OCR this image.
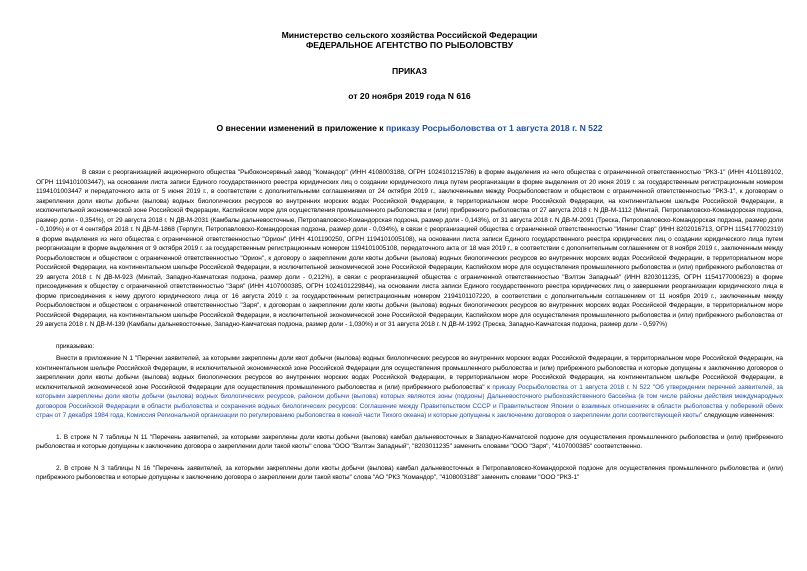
Министерство сельского хозяйства Российской Федерации
ФЕДЕРАЛЬНОЕ АГЕНТСТВО ПО РЫБОЛОВСТВУ
ПРИКАЗ
от 20 ноября 2019 года N 616
О внесении изменений в приложение к приказу Росрыболовства от 1 августа 2018 г. N 522

В связи с реорганизацией акционерного общества "Рыбоконсервный завод "Командор" (ИНН 4108003188, ОГРН 1024101215786) в форме выделения из него общества с ограниченной ответственностью "РКЗ-1" (ИНН 4101189102, ОГРН 1194101003447), на основании листа записи Единого государственного реестра юридических лиц о создании юридического лица путем реорганизации в форме выделения от 20 июня 2019 г. за государственным регистрационным номером 1194101003447 и передаточного акта от 5 июня 2019 г., в соответствии с дополнительными соглашениями от 24 октября 2019 г., заключенными между Росрыболовством и обществом с ограниченной ответственностью "РКЗ-1", к договорам о закреплении доли квоты добычи (вылова) водных биологических ресурсов во внутренних морских водах Российской Федерации, в территориальном море Российской Федерации, на континентальном шельфе Российской Федерации, в исключительной экономической зоне Российской Федерации, Каспийском море для осуществления промышленного рыболовства и (или) прибрежного рыболовства от 27 августа 2018 г. N ДВ-М-1112 (Минтай, Петропавловско-Командорская подзона, размер доли - 0,354%), от 29 августа 2018 г. N ДВ-М-2031 (Камбалы дальневосточные, Петропавловско-Командорская подзона, размер доли - 0,143%), от 31 августа 2018 г. N ДВ-М-2091 (Треска, Петропавловско-Командорская подзона, размер доли - 0,109%) и от 4 сентября 2018 г. N ДВ-М-1868 (Терпуги, Петропавловско-Командорская подзона, размер доли - 0,034%), в связи с реорганизацией общества с ограниченной ответственностью "Ивнинг Стар" (ИНН 8202016713, ОГРН 1154177002319) в форме выделения из него общества с ограниченной ответственностью "Орион" (ИНН 4101190250, ОГРН 1194101005108), на основании листа записи Единого государственного реестра юридических лиц о создании юридического лица путем реорганизации в форме выделения от 9 октября 2019 г. за государственным регистрационным номером 1194101005108, передаточного акта от 18 мая 2019 г., в соответствии с дополнительным соглашением от 8 ноября 2019 г., заключенным между Росрыболовством и обществом с ограниченной ответственностью "Орион", к договору о закреплении доли квоты добычи (вылова) водных биологических ресурсов во внутренних морских водах Российской Федерации, в территориальном море Российской Федерации, на континентальном шельфе Российской Федерации, в исключительной экономической зоне Российской Федерации, Каспийском море для осуществления промышленного рыболовства и (или) прибрежного рыболовства от 29 августа 2018 г. N ДВ-М-923 (Минтай, Западно-Камчатская подзона, размер доли - 0,212%), в связи с реорганизацией общества с ограниченной ответственностью "Вэлтэн Западный" (ИНН 8203011235, ОГРН 1154177000623) в форме присоединения к обществу с ограниченной ответственностью "Заря" (ИНН 4107000385, ОГРН 1024101229844), на основании листа записи Единого государственного реестра юридических лиц о завершении реорганизации юридического лица в форме присоединения к нему другого юридического лица от 16 августа 2019 г. за государственным регистрационным номером 2194101107220, в соответствии с дополнительным соглашением от 11 ноября 2019 г., заключенным между Росрыболовством и обществом с ограниченной ответственностью "Заря", к договорам о закреплении доли квоты добычи (вылова) водных биологических ресурсов во внутренних морских водах Российской Федерации, в территориальном море Российской Федерации, на континентальном шельфе Российской Федерации, в исключительной экономической зоне Российской Федерации, Каспийском море для осуществления промышленного рыболовства и (или) прибрежного рыболовства от 29 августа 2018 г. N ДВ-М-139 (Камбалы дальневосточные, Западно-Камчатская подзона, размер доли - 1,030%) и от 31 августа 2018 г. N ДВ-М-1992 (Треска, Западно-Камчатская подзона, размер доли - 0,597%)

приказываю:

Внести в приложение N 1 "Перечни заявителей, за которыми закреплены доли квот добычи (вылова) водных биологических ресурсов во внутренних морских водах Российской Федерации, в территориальном море Российской Федерации, на континентальном шельфе Российской Федерации, в исключительной экономической зоне Российской Федерации для осуществления промышленного рыболовства и (или) прибрежного рыболовства и которые допущены к заключению договоров о закреплении доли квоты добычи (вылова) водных биологических ресурсов во внутренних морских водах Российской Федерации, в территориальном море Российской Федерации, на континентальном шельфе Российской Федерации, в исключительной экономической зоне Российской Федерации для осуществления промышленного рыболовства и (или) прибрежного рыболовства" к приказу Росрыболовства от 1 августа 2018 г. N 522 "Об утверждении перечней заявителей, за которыми закреплены доли квоты добычи (вылова) водных биологических ресурсов, районом добычи (вылова) которых являются зоны (подзоны) Дальневосточного рыбохозяйственного бассейна (в том числе районы действия международных договоров Российской Федерации в области рыболовства и сохранения водных биологических ресурсов: Соглашение между Правительством СССР и Правительством Японии о взаимных отношениях в области рыболовства у побережий обеих стран от 7 декабря 1984 года, Комиссия Региональной организации по регулированию рыболовства в южной части Тихого океана) и которые допущены к заключению договоров о закреплении доли соответствующей квоты" следующие изменения:

1. В строке N 7 таблицы N 11 "Перечень заявителей, за которыми закреплены доли квоты добычи (вылова) камбал дальневосточных в Западно-Камчатской подзоне для осуществления промышленного рыболовства и (или) прибрежного рыболовства и которые допущены к заключению договора о закреплении доли такой квоты" слова "ООО "Вэлтэн Западный", "8203011235" заменить словами "ООО "Заря", "4107000385" соответственно.

2. В строке N 3 таблицы N 16 "Перечень заявителей, за которыми закреплены доли квоты добычи (вылова) камбал дальневосточных в Петропавловско-Командорской подзоне для осуществления промышленного рыболовства и (или) прибрежного рыболовства и которые допущены к заключению договора о закреплении доли такой квоты" слова "АО "РКЗ "Командор", "4108003188" заменить словами "ООО "РКЗ-1"
